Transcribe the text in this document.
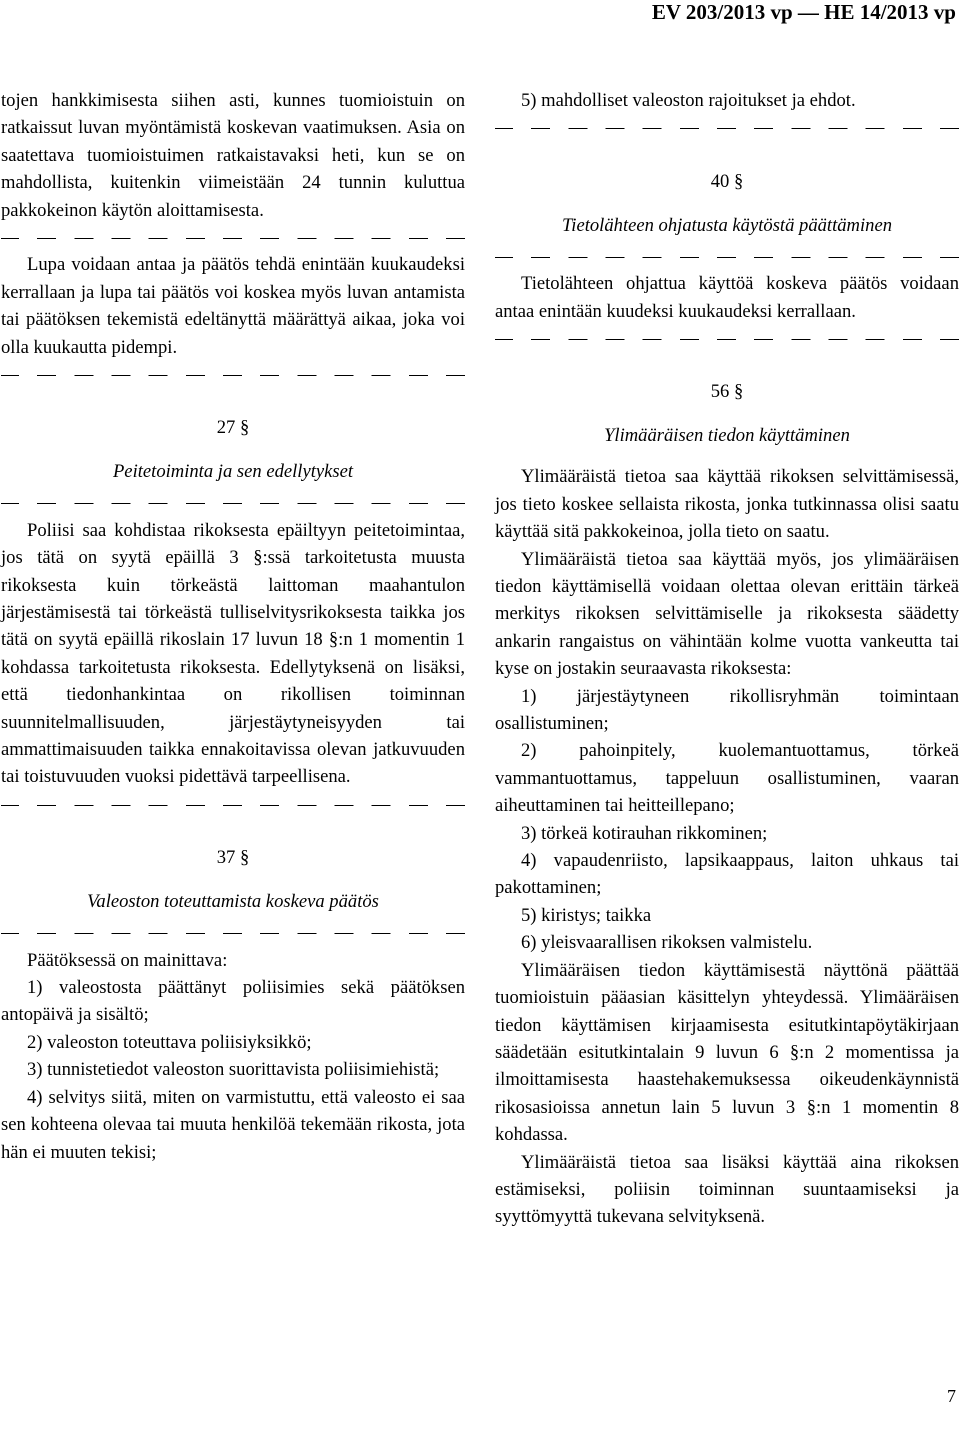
EV 203/2013 vp — HE 14/2013 vp

tojen hankkimisesta siihen asti, kunnes tuomioistuin on ratkaissut luvan myöntämistä koskevan vaatimuksen. Asia on saatettava tuomioistuimen ratkaistavaksi heti, kun se on mahdollista, kuitenkin viimeistään 24 tunnin kuluttua pakkokeinon käytön aloittamisesta.

Lupa voidaan antaa ja päätös tehdä enintään kuukaudeksi kerrallaan ja lupa tai päätös voi koskea myös luvan antamista tai päätöksen tekemistä edeltänyttä määrättyä aikaa, joka voi olla kuukautta pidempi.

27 §
Peitetoiminta ja sen edellytykset

Poliisi saa kohdistaa rikoksesta epäiltyyn peitetoimintaa, jos tätä on syytä epäillä 3 §:ssä tarkoitetusta muusta rikoksesta kuin törkeästä laittoman maahantulon järjestämisestä tai törkeästä tulliselvitysrikoksesta taikka jos tätä on syytä epäillä rikoslain 17 luvun 18 §:n 1 momentin 1 kohdassa tarkoitetusta rikoksesta. Edellytyksenä on lisäksi, että tiedonhankintaa on rikollisen toiminnan suunnitelmallisuuden, järjestäytyneisyyden tai ammattimaisuuden taikka ennakoitavissa olevan jatkuvuuden tai toistuvuuden vuoksi pidettävä tarpeellisena.

37 §
Valeoston toteuttamista koskeva päätös

Päätöksessä on mainittava:

1) valeostosta päättänyt poliisimies sekä päätöksen antopäivä ja sisältö;

2) valeoston toteuttava poliisiyksikkö;

3) tunnistetiedot valeoston suorittavista poliisimiehistä;

4) selvitys siitä, miten on varmistuttu, että valeosto ei saa sen kohteena olevaa tai muuta henkilöä tekemään rikosta, jota hän ei muuten tekisi;

5) mahdolliset valeoston rajoitukset ja ehdot.

40 §
Tietolähteen ohjatusta käytöstä päättäminen

Tietolähteen ohjattua käyttöä koskeva päätös voidaan antaa enintään kuudeksi kuukaudeksi kerrallaan.

56 §
Ylimääräisen tiedon käyttäminen

Ylimääräistä tietoa saa käyttää rikoksen selvittämisessä, jos tieto koskee sellaista rikosta, jonka tutkinnassa olisi saatu käyttää sitä pakkokeinoa, jolla tieto on saatu.

Ylimääräistä tietoa saa käyttää myös, jos ylimääräisen tiedon käyttämisellä voidaan olettaa olevan erittäin tärkeä merkitys rikoksen selvittämiselle ja rikoksesta säädetty ankarin rangaistus on vähintään kolme vuotta vankeutta tai kyse on jostakin seuraavasta rikoksesta:

1) järjestäytyneen rikollisryhmän toimintaan osallistuminen;

2) pahoinpitely, kuolemantuottamus, törkeä vammantuottamus, tappeluun osallistuminen, vaaran aiheuttaminen tai heitteillepano;

3) törkeä kotirauhan rikkominen;

4) vapaudenriisto, lapsikaappaus, laiton uhkaus tai pakottaminen;

5) kiristys; taikka

6) yleisvaarallisen rikoksen valmistelu.

Ylimääräisen tiedon käyttämisestä näyttönä päättää tuomioistuin pääasian käsittelyn yhteydessä. Ylimääräisen tiedon käyttämisen kirjaamisesta esitutkintapöytäkirjaan säädetään esitutkintalain 9 luvun 6 §:n 2 momentissa ja ilmoittamisesta haastehakemuksessa oikeudenkäynnistä rikosasioissa annetun lain 5 luvun 3 §:n 1 momentin 8 kohdassa.

Ylimääräistä tietoa saa lisäksi käyttää aina rikoksen estämiseksi, poliisin toiminnan suuntaamiseksi ja syyttömyyttä tukevana selvityksenä.

7
